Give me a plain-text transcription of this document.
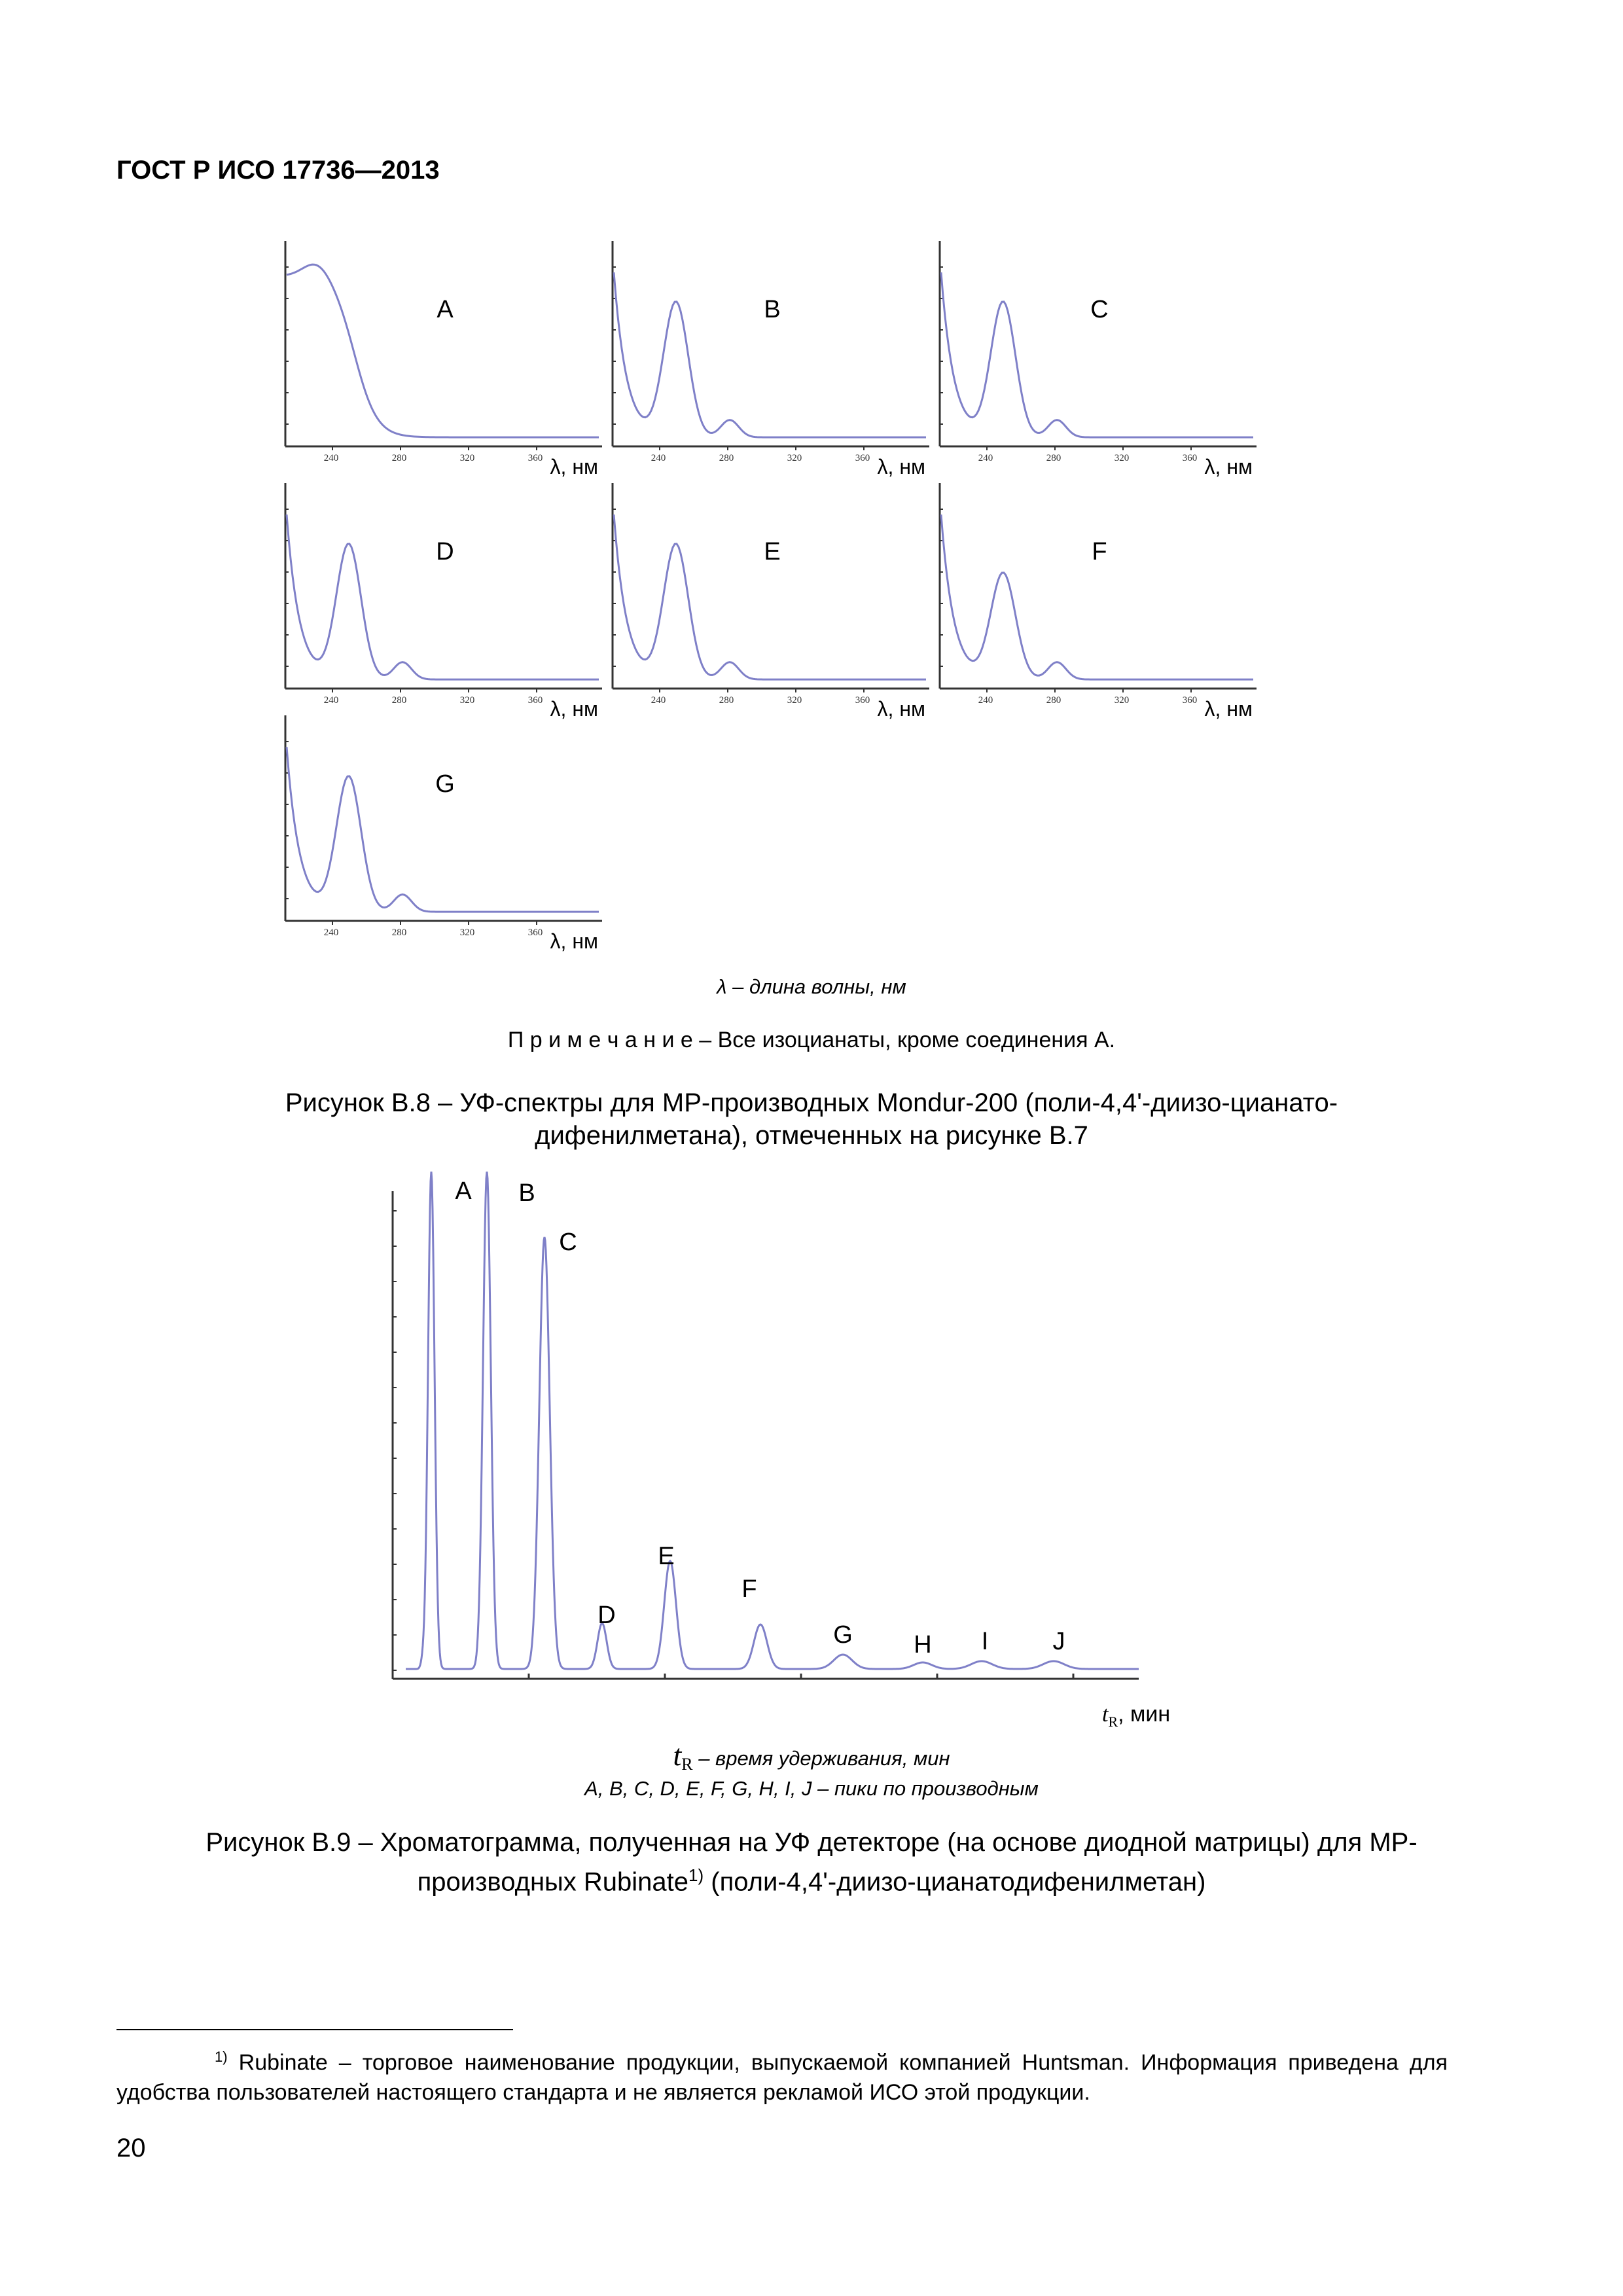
ГОСТ Р ИСО 17736—2013
240	280	320	360 λ, нм
A
240	280	320	360 λ, нм
B
240	280	320	360 λ, нм
C
240	280	320	360 λ, нм
D
240	280	320	360 λ, нм
E
240	280	320	360 λ, нм
F
240	280	320	360 λ, нм
G
λ – длина волны, нм
П р и м е ч а н и е – Все изоцианаты, кроме соединения А.
Рисунок В.8 – УФ-спектры для МР-производных Mondur-200 (поли-4,4'-диизо-цианато-
дифенилметана), отмеченных на рисунке В.7
A B
C
D
E
F
G H I	J
$t_R$, мин
$t_R$ – время удерживания, мин
A, B, C, D, E, F, G, H, I, J – пики по производным
Рисунок В.9 – Хроматограмма, полученная на УФ детекторе (на основе диодной матрицы) для МР-
производных Rubinate$^{1)}$ (поли-4,4'-диизо-цианатодифенилметан)
$^{1)}$ Rubinate – торговое наименование продукции, выпускаемой компанией Huntsman. Информация приведена для удобства пользователей настоящего стандарта и не является рекламой ИСО этой продукции.
20
